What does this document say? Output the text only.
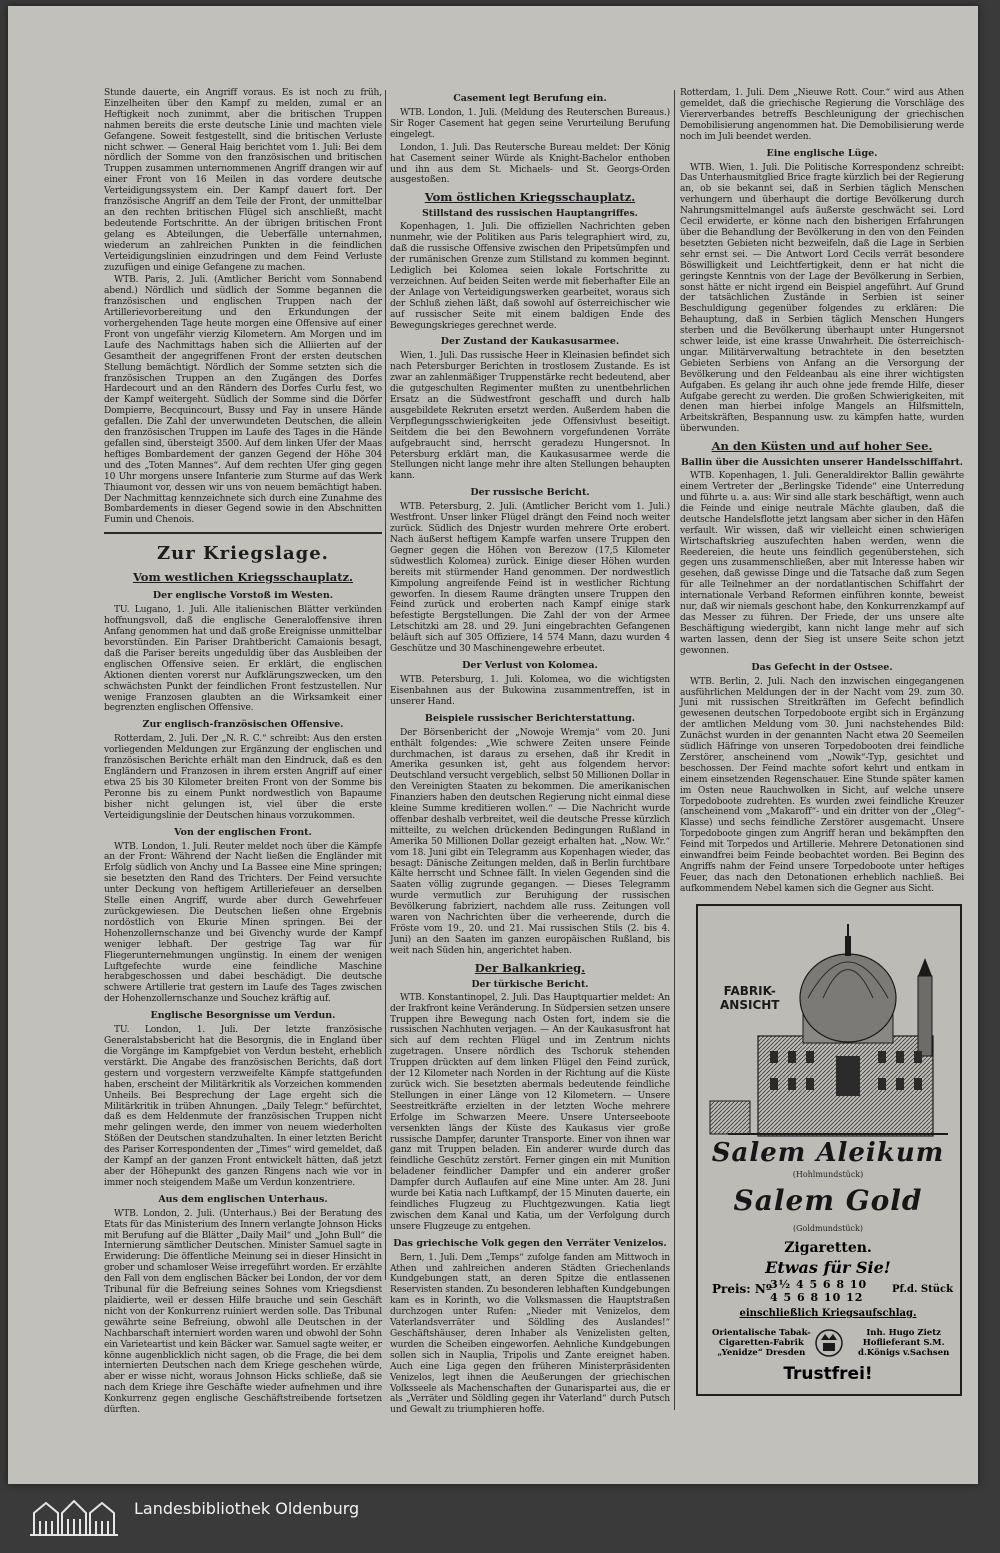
Stunde dauerte, ein Angriff voraus. Es ist noch zu früh, Einzelheiten über den Kampf zu melden, zumal er an Heftigkeit noch zunimmt, aber die britischen Truppen nahmen bereits die erste deutsche Linie und machten viele Gefangene. Soweit festgestellt, sind die britischen Verluste nicht schwer. — General Haig berichtet vom 1. Juli: Bei dem nördlich der Somme von den französischen und britischen Truppen zusammen unternommenen Angriff drangen wir auf einer Front von 16 Meilen in das vordere deutsche Verteidigungssystem ein. Der Kampf dauert fort. Der französische Angriff an dem Teile der Front, der unmittelbar an den rechten britischen Flügel sich anschließt, macht bedeutende Fortschritte. An der übrigen britischen Front gelang es Abteilungen, die Ueberfälle unternahmen, wiederum an zahlreichen Punkten in die feindlichen Verteidigungslinien einzudringen und dem Feind Verluste zuzufügen und einige Gefangene zu machen.

WTB. Paris, 2. Juli. (Amtlicher Bericht vom Sonnabend abend.) Nördlich und südlich der Somme begannen die französischen und englischen Truppen nach der Artillerievorbereitung und den Erkundungen der vorhergehenden Tage heute morgen eine Offensive auf einer Front von ungefähr vierzig Kilometern. Am Morgen und im Laufe des Nachmittags haben sich die Alliierten auf der Gesamtheit der angegriffenen Front der ersten deutschen Stellung bemächtigt. Nördlich der Somme setzten sich die französischen Truppen an den Zugängen des Dorfes Hardecourt und an den Rändern des Dorfes Curlu fest, wo der Kampf weitergeht. Südlich der Somme sind die Dörfer Dompierre, Becquincourt, Bussy und Fay in unsere Hände gefallen. Die Zahl der unverwundeten Deutschen, die allein den französischen Truppen im Laufe des Tages in die Hände gefallen sind, übersteigt 3500. Auf dem linken Ufer der Maas heftiges Bombardement der ganzen Gegend der Höhe 304 und des „Toten Mannes“. Auf dem rechten Ufer ging gegen 10 Uhr morgens unsere Infanterie zum Sturme auf das Werk Thiaumont vor, dessen wir uns von neuem bemächtigt haben. Der Nachmittag kennzeichnete sich durch eine Zunahme des Bombardements in dieser Gegend sowie in den Abschnitten Fumin und Chenois.

Zur Kriegslage.
Vom westlichen Kriegsschauplatz.
Der englische Vorstoß im Westen.

TU. Lugano, 1. Juli. Alle italienischen Blätter verkünden hoffnungsvoll, daß die englische Generaloffensive ihren Anfang genommen hat und daß große Ereignisse unmittelbar bevorstünden. Ein Pariser Drahtbericht Camaionis besagt, daß die Pariser bereits ungeduldig über das Ausbleiben der englischen Offensive seien. Er erklärt, die englischen Aktionen dienten vorerst nur Aufklärungszwecken, um den schwächsten Punkt der feindlichen Front festzustellen. Nur wenige Franzosen glaubten an die Wirksamkeit einer begrenzten englischen Offensive.

Zur englisch-französischen Offensive.

Rotterdam, 2. Juli. Der „N. R. C.“ schreibt: Aus den ersten vorliegenden Meldungen zur Ergänzung der englischen und französischen Berichte erhält man den Eindruck, daß es den Engländern und Franzosen in ihrem ersten Angriff auf einer etwa 25 bis 30 Kilometer breiten Front von der Somme bis Peronne bis zu einem Punkt nordwestlich von Bapaume bisher nicht gelungen ist, viel über die erste Verteidigungslinie der Deutschen hinaus vorzukommen.

Von der englischen Front.

WTB. London, 1. Juli. Reuter meldet noch über die Kämpfe an der Front: Während der Nacht ließen die Engländer mit Erfolg südlich von Anchy und La Bassee eine Mine springen; sie besetzten den Rand des Trichters. Der Feind versuchte unter Deckung von heftigem Artilleriefeuer an derselben Stelle einen Angriff, wurde aber durch Gewehrfeuer zurückgewiesen. Die Deutschen ließen ohne Ergebnis nordöstlich von Ekurie Minen springen. Bei der Hohenzollernschanze und bei Givenchy wurde der Kampf weniger lebhaft. Der gestrige Tag war für Fliegerunternehmungen ungünstig. In einem der wenigen Luftgefechte wurde eine feindliche Maschine herabgeschossen und dabei beschädigt. Die deutsche schwere Artillerie trat gestern im Laufe des Tages zwischen der Hohenzollernschanze und Souchez kräftig auf.

Englische Besorgnisse um Verdun.

TU. London, 1. Juli. Der letzte französische Generalstabsbericht hat die Besorgnis, die in England über die Vorgänge im Kampfgebiet von Verdun besteht, erheblich verstärkt. Die Angabe des französischen Berichts, daß dort gestern und vorgestern verzweifelte Kämpfe stattgefunden haben, erscheint der Militärkritik als Vorzeichen kommenden Unheils. Bei Besprechung der Lage ergeht sich die Militärkritik in trüben Ahnungen. „Daily Telegr.“ befürchtet, daß es dem Heldenmute der französischen Truppen nicht mehr gelingen werde, den immer von neuem wiederholten Stößen der Deutschen standzuhalten. In einer letzten Bericht des Pariser Korrespondenten der „Times“ wird gemeldet, daß der Kampf an der ganzen Front entwickelt hätten, daß jetzt aber der Höhepunkt des ganzen Ringens nach wie vor in immer noch steigendem Maße um Verdun konzentriere.

Aus dem englischen Unterhaus.

WTB. London, 2. Juli. (Unterhaus.) Bei der Beratung des Etats für das Ministerium des Innern verlangte Johnson Hicks mit Berufung auf die Blätter „Daily Mail“ und „John Bull“ die Internierung sämtlicher Deutschen. Minister Samuel sagte in Erwiderung: Die öffentliche Meinung sei in dieser Hinsicht in grober und schamloser Weise irregeführt worden. Er erzählte den Fall von dem englischen Bäcker bei London, der vor dem Tribunal für die Befreiung seines Sohnes vom Kriegsdienst plaidierte, weil er dessen Hilfe brauche und sein Geschäft nicht von der Konkurrenz ruiniert werden solle. Das Tribunal gewährte seine Befreiung, obwohl alle Deutschen in der Nachbarschaft interniert worden waren und obwohl der Sohn ein Varieteartist und kein Bäcker war. Samuel sagte weiter, er könne augenblicklich nicht sagen, ob die Frage, die bei dem internierten Deutschen nach dem Kriege geschehen würde, aber er wisse nicht, woraus Johnson Hicks schließe, daß sie nach dem Kriege ihre Geschäfte wieder aufnehmen und ihre Konkurrenz gegen englische Geschäftstreibende fortsetzen dürften.

Casement legt Berufung ein.

WTB. London, 1. Juli. (Meldung des Reuterschen Bureaus.) Sir Roger Casement hat gegen seine Verurteilung Berufung eingelegt.

London, 1. Juli. Das Reutersche Bureau meldet: Der König hat Casement seiner Würde als Knight-Bachelor enthoben und ihn aus dem St. Michaels- und St. Georgs-Orden ausgestoßen.

Vom östlichen Kriegsschauplatz.
Stillstand des russischen Hauptangriffes.

Kopenhagen, 1. Juli. Die offiziellen Nachrichten geben nunmehr, wie der Politiken aus Paris telegraphiert wird, zu, daß die russische Offensive zwischen den Pripetsümpfen und der rumänischen Grenze zum Stillstand zu kommen beginnt. Lediglich bei Kolomea seien lokale Fortschritte zu verzeichnen. Auf beiden Seiten werde mit fieberhafter Eile an der Anlage von Verteidigungswerken gearbeitet, woraus sich der Schluß ziehen läßt, daß sowohl auf österreichischer wie auf russischer Seite mit einem baldigen Ende des Bewegungskrieges gerechnet werde.

Der Zustand der Kaukasusarmee.

Wien, 1. Juli. Das russische Heer in Kleinasien befindet sich nach Petersburger Berichten in trostlosem Zustande. Es ist zwar an zahlenmäßiger Truppenstärke recht bedeutend, aber die gutgeschulten Regimenter mußten zu unentbehrlichen Ersatz an die Südwestfront geschafft und durch halb ausgebildete Rekruten ersetzt werden. Außerdem haben die Verpflegungsschwierigkeiten jede Offensivlust beseitigt. Seitdem die bei den Bewohnern vorgefundenen Vorräte aufgebraucht sind, herrscht geradezu Hungersnot. In Petersburg erklärt man, die Kaukasusarmee werde die Stellungen nicht lange mehr ihre alten Stellungen behaupten kann.

Der russische Bericht.

WTB. Petersburg, 2. Juli. (Amtlicher Bericht vom 1. Juli.) Westfront. Unser linker Flügel drängt den Feind noch weiter zurück. Südlich des Dnjestr wurden mehrere Orte erobert. Nach äußerst heftigem Kampfe warfen unsere Truppen den Gegner gegen die Höhen von Berezow (17,5 Kilometer südwestlich Kolomea) zurück. Einige dieser Höhen wurden bereits mit stürmender Hand genommen. Der nordwestlich Kimpolung angreifende Feind ist in westlicher Richtung geworfen. In diesem Raume drängten unsere Truppen den Feind zurück und eroberten nach Kampf einige stark befestigte Bergstellungen. Die Zahl der von der Armee Letschitzki am 28. und 29. Juni eingebrachten Gefangenen beläuft sich auf 305 Offiziere, 14 574 Mann, dazu wurden 4 Geschütze und 30 Maschinengewehre erbeutet.

Der Verlust von Kolomea.

WTB. Petersburg, 1. Juli. Kolomea, wo die wichtigsten Eisenbahnen aus der Bukowina zusammentreffen, ist in unserer Hand.

Beispiele russischer Berichterstattung.

Der Börsenbericht der „Nowoje Wremja“ vom 20. Juni enthält folgendes: „Wie schwere Zeiten unsere Feinde durchmachen, ist daraus zu ersehen, daß ihr Kredit in Amerika gesunken ist, geht aus folgendem hervor: Deutschland versucht vergeblich, selbst 50 Millionen Dollar in den Vereinigten Staaten zu bekommen. Die amerikanischen Finanziers haben den deutschen Regierung nicht einmal diese kleine Summe kreditieren wollen.“ — Die Nachricht wurde offenbar deshalb verbreitet, weil die deutsche Presse kürzlich mitteilte, zu welchen drückenden Bedingungen Rußland in Amerika 50 Millionen Dollar gezeigt erhalten hat. „Now. Wr.“ vom 18. Juni gibt ein Telegramm aus Kopenhagen wieder, das besagt: Dänische Zeitungen melden, daß in Berlin furchtbare Kälte herrscht und Schnee fällt. In vielen Gegenden sind die Saaten völlig zugrunde gegangen. — Dieses Telegramm wurde vermutlich zur Beruhigung der russischen Bevölkerung fabriziert, nachdem alle russ. Zeitungen voll waren von Nachrichten über die verheerende, durch die Fröste vom 19., 20. und 21. Mai russischen Stils (2. bis 4. Juni) an den Saaten im ganzen europäischen Rußland, bis weit nach Süden hin, angerichtet haben.

Der Balkankrieg.
Der türkische Bericht.

WTB. Konstantinopel, 2. Juli. Das Hauptquartier meldet: An der Irakfront keine Veränderung. In Südpersien setzen unsere Truppen ihre Bewegung nach Osten fort, indem sie die russischen Nachhuten verjagen. — An der Kaukasusfront hat sich auf dem rechten Flügel und im Zentrum nichts zugetragen. Unsere nördlich des Tschoruk stehenden Truppen drückten auf dem linken Flügel den Feind zurück, der 12 Kilometer nach Norden in der Richtung auf die Küste zurück wich. Sie besetzten abermals bedeutende feindliche Stellungen in einer Länge von 12 Kilometern. — Unsere Seestreitkräfte erzielten in der letzten Woche mehrere Erfolge im Schwarzen Meere. Unsere Unterseeboote versenkten längs der Küste des Kaukasus vier große russische Dampfer, darunter Transporte. Einer von ihnen war ganz mit Truppen beladen. Ein anderer wurde durch das feindliche Geschütz zerstört. Ferner gingen ein mit Munition beladener feindlicher Dampfer und ein anderer großer Dampfer durch Auflaufen auf eine Mine unter. Am 28. Juni wurde bei Katia nach Luftkampf, der 15 Minuten dauerte, ein feindliches Flugzeug zu Fluchtgezwungen. Katia liegt zwischen dem Kanal und Katia, um der Verfolgung durch unsere Flugzeuge zu entgehen.

Das griechische Volk gegen den Verräter Venizelos.

Bern, 1. Juli. Dem „Temps“ zufolge fanden am Mittwoch in Athen und zahlreichen anderen Städten Griechenlands Kundgebungen statt, an deren Spitze die entlassenen Reservisten standen. Zu besonderen lebhaften Kundgebungen kam es in Korinth, wo die Volksmassen die Hauptstraßen durchzogen unter Rufen: „Nieder mit Venizelos, dem Vaterlandsverräter und Söldling des Auslandes!“ Geschäftshäuser, deren Inhaber als Venizelisten gelten, wurden die Scheiben eingeworfen. Aehnliche Kundgebungen sollen sich in Nauplia, Tripolis und Zante ereignet haben. Auch eine Liga gegen den früheren Ministerpräsidenten Venizelos, legt ihnen die Aeußerungen der griechischen Volksseele als Machenschaften der Gunarispartei aus, die er als „Verräter und Söldling gegen ihr Vaterland“ durch Putsch und Gewalt zu triumphieren hoffe.

Rotterdam, 1. Juli. Dem „Nieuwe Rott. Cour.“ wird aus Athen gemeldet, daß die griechische Regierung die Vorschläge des Viererverbandes betreffs Beschleunigung der griechischen Demobilisierung angenommen hat. Die Demobilisierung werde noch im Juli beendet werden.

Eine englische Lüge.

WTB. Wien, 1. Juli. Die Politische Korrespondenz schreibt: Das Unterhausmitglied Brice fragte kürzlich bei der Regierung an, ob sie bekannt sei, daß in Serbien täglich Menschen verhungern und überhaupt die dortige Bevölkerung durch Nahrungsmittelmangel aufs äußerste geschwächt sei. Lord Cecil erwiderte, er könne nach den bisherigen Erfahrungen über die Behandlung der Bevölkerung in den von den Feinden besetzten Gebieten nicht bezweifeln, daß die Lage in Serbien sehr ernst sei. — Die Antwort Lord Cecils verrät besondere Böswilligkeit und Leichtfertigkeit, denn er hat nicht die geringste Kenntnis von der Lage der Bevölkerung in Serbien, sonst hätte er nicht irgend ein Beispiel angeführt. Auf Grund der tatsächlichen Zustände in Serbien ist seiner Beschuldigung gegenüber folgendes zu erklären: Die Behauptung, daß in Serbien täglich Menschen Hungers sterben und die Bevölkerung überhaupt unter Hungersnot schwer leide, ist eine krasse Unwahrheit. Die österreichisch-ungar. Militärverwaltung betrachtete in den besetzten Gebieten Serbiens von Anfang an die Versorgung der Bevölkerung und den Feldeanbau als eine ihrer wichtigsten Aufgaben. Es gelang ihr auch ohne jede fremde Hilfe, dieser Aufgabe gerecht zu werden. Die großen Schwierigkeiten, mit denen man hierbei infolge Mangels an Hilfsmitteln, Arbeitskräften, Bespannung usw. zu kämpfen hatte, wurden überwunden.

An den Küsten und auf hoher See.
Ballin über die Aussichten unserer Handelsschiffahrt.

WTB. Kopenhagen, 1. Juli. Generaldirektor Ballin gewährte einem Vertreter der „Berlingske Tidende“ eine Unterredung und führte u. a. aus: Wir sind alle stark beschäftigt, wenn auch die Feinde und einige neutrale Mächte glauben, daß die deutsche Handelsflotte jetzt langsam aber sicher in den Häfen verfault. Wir wissen, daß wir vielleicht einen schwierigen Wirtschaftskrieg auszufechten haben werden, wenn die Reedereien, die heute uns feindlich gegenüberstehen, sich gegen uns zusammenschließen, aber mit Interesse haben wir gesehen, daß gewisse Dinge und die Tatsache daß zum Segen für alle Teilnehmer an der nordatlantischen Schiffahrt der internationale Verband Reformen einführen konnte, beweist nur, daß wir niemals geschont habe, den Konkurrenzkampf auf das Messer zu führen. Der Friede, der uns unsere alte Beschäftigung wiedergibt, kann nicht lange mehr auf sich warten lassen, denn der Sieg ist unsere Seite schon jetzt gewonnen.

Das Gefecht in der Ostsee.

WTB. Berlin, 2. Juli. Nach den inzwischen eingegangenen ausführlichen Meldungen der in der Nacht vom 29. zum 30. Juni mit russischen Streitkräften im Gefecht befindlich gewesenen deutschen Torpedoboote ergibt sich in Ergänzung der amtlichen Meldung vom 30. Juni nachstehendes Bild: Zunächst wurden in der genannten Nacht etwa 20 Seemeilen südlich Häfringe von unseren Torpedobooten drei feindliche Zerstörer, anscheinend vom „Nowik“-Typ, gesichtet und beschossen. Der Feind machte sofort kehrt und entkam in einem einsetzenden Regenschauer. Eine Stunde später kamen im Osten neue Rauchwolken in Sicht, auf welche unsere Torpedoboote zudrehten. Es wurden zwei feindliche Kreuzer (anscheinend vom „Makaroff“- und ein dritter von der „Oleg“-Klasse) und sechs feindliche Zerstörer ausgemacht. Unsere Torpedoboote gingen zum Angriff heran und bekämpften den Feind mit Torpedos und Artillerie. Mehrere Detonationen sind einwandfrei beim Feinde beobachtet worden. Bei Beginn des Angriffs nahm der Feind unsere Torpedoboote unter heftiges Feuer, das nach den Detonationen erheblich nachließ. Bei aufkommendem Nebel kamen sich die Gegner aus Sicht.

FABRIK-
ANSICHT
Salem Aleikum
(Hohlmundstück)
Salem Gold
(Goldmundstück)
Zigaretten.
Etwas für Sie!
Preis: Nº
3½ 4 5 6 8 10
4 5 6 8 10 12
Pf.d. Stück
einschließlich Kriegsaufschlag.
Orientalische Tabak-
Cigaretten-Fabrik
„Yenidze“ Dresden
Inh. Hugo Zietz
Hoflieferant S.M.
d.Königs v.Sachsen
Trustfrei!
Landesbibliothek Oldenburg
